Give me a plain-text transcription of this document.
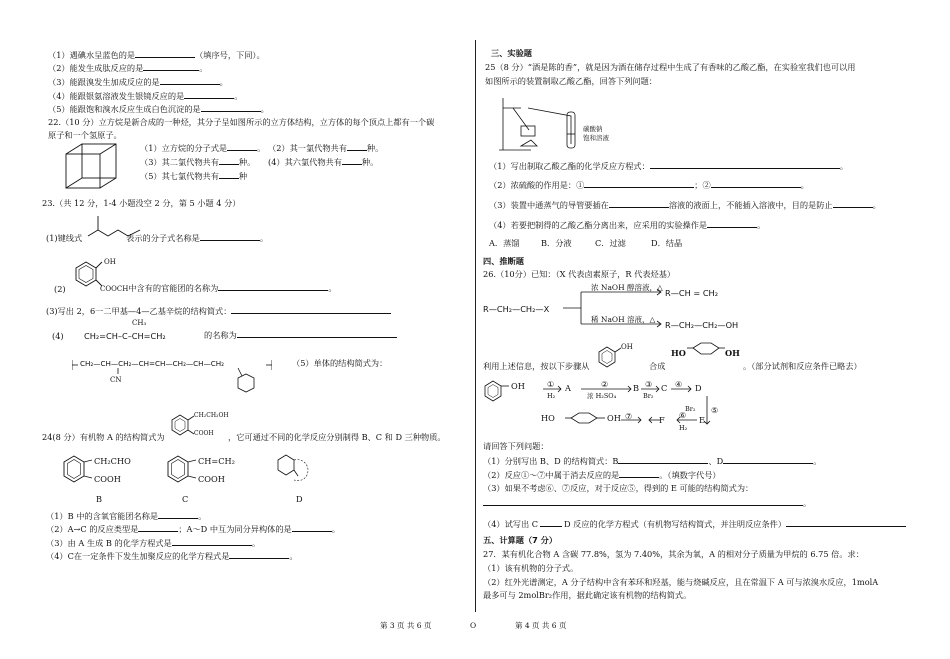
（1）遇碘水呈蓝色的是	（填序号，下同）。
（2）能发生成肽反应的是	。
（3）能跟溴发生加成反应的是	。
（4）能跟银氨溶液发生银镜反应的是	。
（5）能跟饱和溴水反应生成白色沉淀的是	。
22.（10 分）立方烷是新合成的一种烃，其分子呈如图所示的立方体结构，立方体的每个顶点上都有一个碳
原子和一个氢原子。
（1）立方烷的分子式是	。 （2）其一氯代物共有 种。
（3）其二氯代物共有 种。 (4）其六氯代物共有 种。
（5）其七氯代物共有 种
23.（共 12 分，1-4 小题没空 2 分，第 5 小题 4 分）
(1)键线式	表示的分子式名称是	。
(2)
OH
COOCH中含有的官能团的名称为	。
(3)写出 2，6一二甲基—4—乙基辛烷的结构简式：
(4)
CH₃
CH₂=CH–C–CH=CH₂	的名称为
CH₂—CH—CH₂—CH=CH—CH₂—CH—CH₂
CN
（5）单体的结构简式为：
24(8 分）有机物 A 的结构简式为
CH₂CH₂OH
COOH ，它可通过不同的化学反应分别制得 B、C 和 D 三种物质。
CH₂CHO
COOH
CH=CH₂
COOH
B	C	D
（1）B 中的含氧官能团名称是	。
（2）A→C 的反应类型是	；A～D 中互为同分异构体的是	。
（3）由 A 生成 B 的化学方程式是	。
（4）C在一定条件下发生加聚反应的化学方程式是	。
第 3 页 共 6 页	O
三、实验题
25（8 分）“酒是陈的香”，就是因为酒在储存过程中生成了有香味的乙酸乙酯，在实验室我们也可以用
如图所示的装置制取乙酸乙酯，回答下列问题：
碳酸钠
饱和溶液
（1）写出制取乙酸乙酯的化学反应方程式：	。
（2）浓硫酸的作用是：①	；②	。
（3）装置中通蒸气的导管要插在	溶液的液面上，不能插入溶液中，目的是防止	。
（4）若要把制得的乙酸乙酯分离出来，应采用的实验操作是	。
A．蒸馏	B．分液	C．过滤	D．结晶
四、推断题
26.（10分）已知：（X 代表卤素原子，R 代表烃基）
R—CH₂—CH₂—X
浓 NaOH 醇溶液，△
R—CH = CH₂
稀 NaOH 溶液，△
R—CH₂—CH₂—OH
利用上述信息，按以下步骤从
OH
合成
HO	OH
。（部分试剂和反应条件已略去）
OH	①
H₂
A	②
浓 H₂SO₄
B ③
Br₂
C ④ D
Br₂ ⑤
HO	OH ⑦	F ⑥
H₂
E
请回答下列问题：
（1）分别写出 B、D 的结构简式：B	、D	。
（2）反应①～⑦中属于消去反应的是	。（填数字代号）
（3）如果不考虑⑥、⑦反应，对于反应⑤，得到的 E 可能的结构简式为：
。
（4）试写出 C	D 反应的化学方程式（有机物写结构简式，并注明反应条件）
五、计算题（7 分）
27．某有机化合物 A 含碳 77.8%，氢为 7.40%，其余为氧，A 的相对分子质量为甲烷的 6.75 倍。求：
（1）该有机物的分子式。
（2）红外光谱测定，A 分子结构中含有苯环和羟基，能与烧碱反应，且在常温下 A 可与浓溴水反应，1molA
最多可与 2molBr₂作用，据此确定该有机物的结构简式。
第 4 页 共 6 页
